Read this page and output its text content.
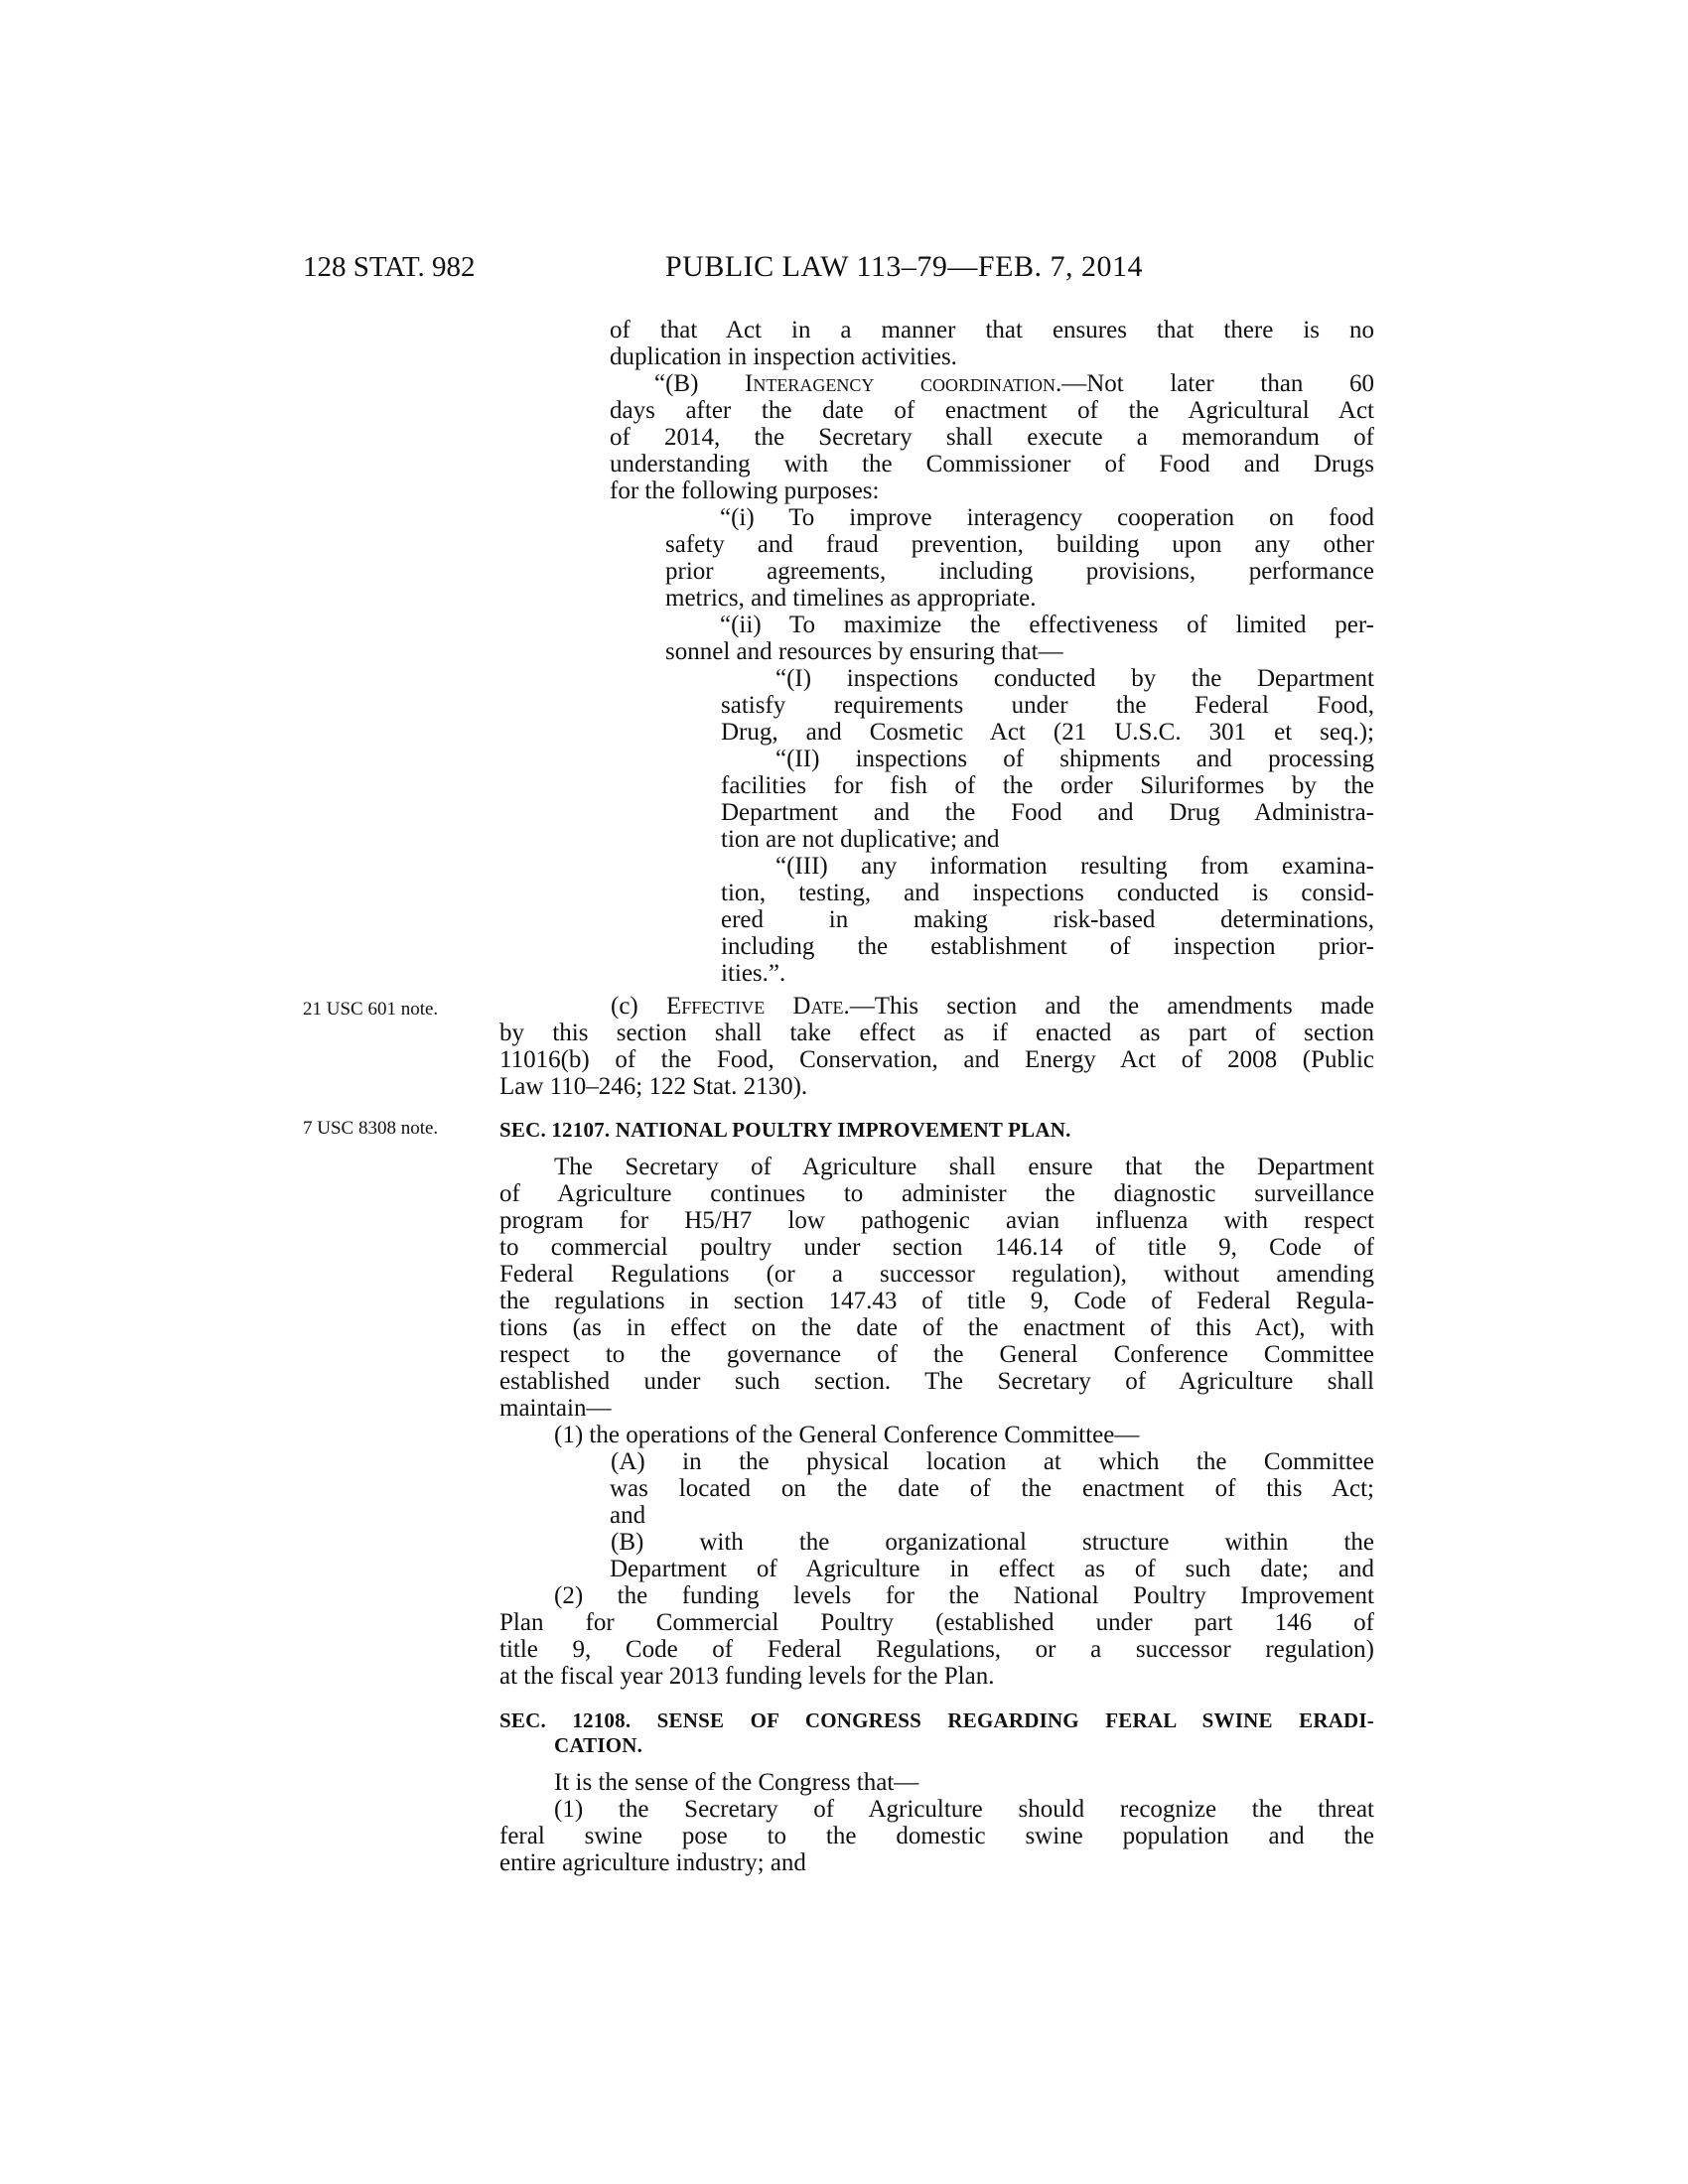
128 STAT. 982	PUBLIC LAW 113–79—FEB. 7, 2014
21 USC 601 note.
7 USC 8308 note.
of that Act in a manner that ensures that there is no
duplication in inspection activities.
“(B) Interagency coordination.—Not later than 60
days after the date of enactment of the Agricultural Act
of 2014, the Secretary shall execute a memorandum of
understanding with the Commissioner of Food and Drugs
for the following purposes:
“(i) To improve interagency cooperation on food
safety and fraud prevention, building upon any other
prior agreements, including provisions, performance
metrics, and timelines as appropriate.
“(ii) To maximize the effectiveness of limited per-
sonnel and resources by ensuring that—
“(I) inspections conducted by the Department
satisfy requirements under the Federal Food,
Drug, and Cosmetic Act (21 U.S.C. 301 et seq.);
“(II) inspections of shipments and processing
facilities for fish of the order Siluriformes by the
Department and the Food and Drug Administra-
tion are not duplicative; and
“(III) any information resulting from examina-
tion, testing, and inspections conducted is consid-
ered in making risk-based determinations,
including the establishment of inspection prior-
ities.”.
(c) Effective Date.—This section and the amendments made
by this section shall take effect as if enacted as part of section
11016(b) of the Food, Conservation, and Energy Act of 2008 (Public
Law 110–246; 122 Stat. 2130).
SEC. 12107. NATIONAL POULTRY IMPROVEMENT PLAN.
The Secretary of Agriculture shall ensure that the Department
of Agriculture continues to administer the diagnostic surveillance
program for H5/H7 low pathogenic avian influenza with respect
to commercial poultry under section 146.14 of title 9, Code of
Federal Regulations (or a successor regulation), without amending
the regulations in section 147.43 of title 9, Code of Federal Regula-
tions (as in effect on the date of the enactment of this Act), with
respect to the governance of the General Conference Committee
established under such section. The Secretary of Agriculture shall
maintain—
(1) the operations of the General Conference Committee—
(A) in the physical location at which the Committee
was located on the date of the enactment of this Act;
and
(B) with the organizational structure within the
Department of Agriculture in effect as of such date; and
(2) the funding levels for the National Poultry Improvement
Plan for Commercial Poultry (established under part 146 of
title 9, Code of Federal Regulations, or a successor regulation)
at the fiscal year 2013 funding levels for the Plan.
SEC. 12108. SENSE OF CONGRESS REGARDING FERAL SWINE ERADI-
CATION.
It is the sense of the Congress that—
(1) the Secretary of Agriculture should recognize the threat
feral swine pose to the domestic swine population and the
entire agriculture industry; and
